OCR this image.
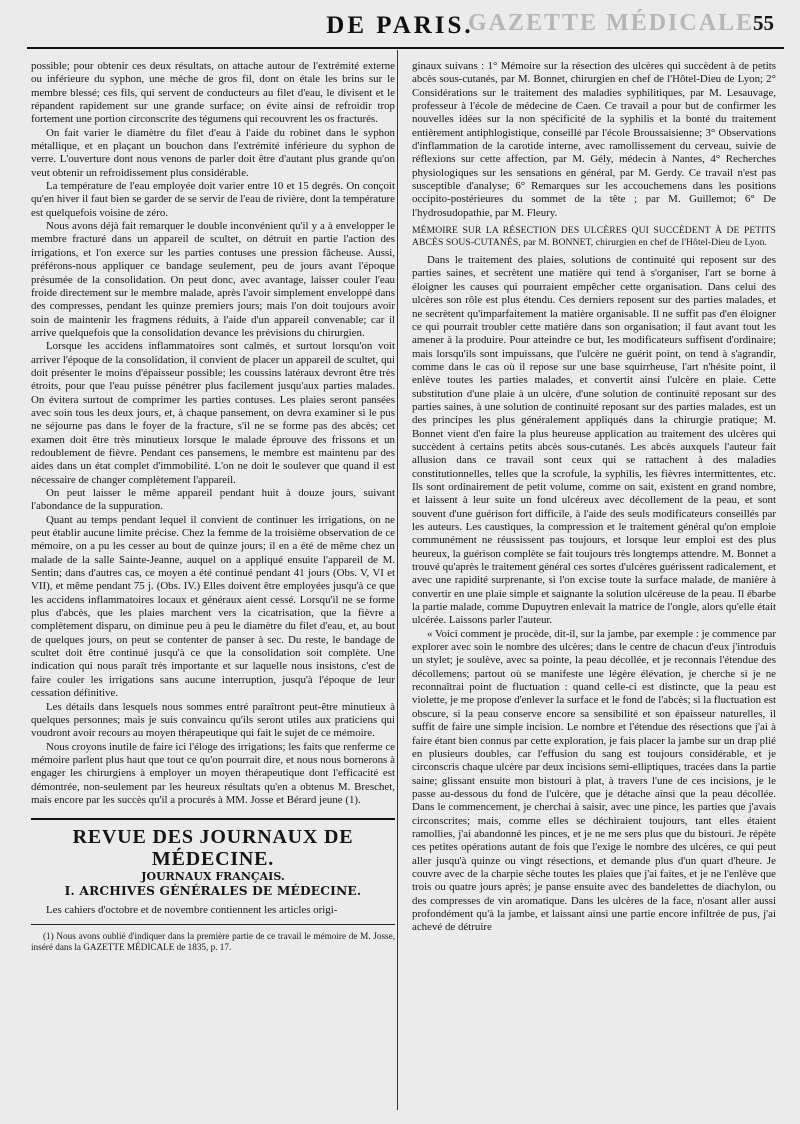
GAZETTE MÉDICALE
DE PARIS.	55

possible; pour obtenir ces deux résultats, on attache autour de l'extrémité externe ou inférieure du syphon, une mèche de gros fil, dont on étale les brins sur le membre blessé; ces fils, qui servent de conducteurs au filet d'eau, le divisent et le répandent rapidement sur une grande surface; on évite ainsi de refroidir trop fortement une portion circonscrite des tégumens qui recouvrent les os fracturés.

On fait varier le diamètre du filet d'eau à l'aide du robinet dans le syphon métallique, et en plaçant un bouchon dans l'extrémité inférieure du syphon de verre. L'ouverture dont nous venons de parler doit être d'autant plus grande qu'on veut obtenir un refroidissement plus considérable.

La température de l'eau employée doit varier entre 10 et 15 degrés. On conçoit qu'en hiver il faut bien se garder de se servir de l'eau de rivière, dont la température est quelquefois voisine de zéro.

Nous avons déjà fait remarquer le double inconvénient qu'il y a à envelopper le membre fracturé dans un appareil de scultet, on détruit en partie l'action des irrigations, et l'on exerce sur les parties contuses une pression fâcheuse. Aussi, préférons-nous appliquer ce bandage seulement, peu de jours avant l'époque présumée de la consolidation. On peut donc, avec avantage, laisser couler l'eau froide directement sur le membre malade, après l'avoir simplement enveloppé dans des compresses, pendant les quinze premiers jours; mais l'on doit toujours avoir soin de maintenir les fragmens réduits, à l'aide d'un appareil convenable; car il arrive quelquefois que la consolidation devance les prévisions du chirurgien.

Lorsque les accidens inflammatoires sont calmés, et surtout lorsqu'on voit arriver l'époque de la consolidation, il convient de placer un appareil de scultet, qui doit présenter le moins d'épaisseur possible; les coussins latéraux devront être très étroits, pour que l'eau puisse pénétrer plus facilement jusqu'aux parties malades. On évitera surtout de comprimer les parties contuses. Les plaies seront pansées avec soin tous les deux jours, et, à chaque pansement, on devra examiner si le pus ne séjourne pas dans le foyer de la fracture, s'il ne se forme pas des abcès; cet examen doit être très minutieux lorsque le malade éprouve des frissons et un redoublement de fièvre. Pendant ces pansemens, le membre est maintenu par des aides dans un état complet d'immobilité. L'on ne doit le soulever que quand il est nécessaire de changer complètement l'appareil.

On peut laisser le même appareil pendant huit à douze jours, suivant l'abondance de la suppuration.

Quant au temps pendant lequel il convient de continuer les irrigations, on ne peut établir aucune limite précise. Chez la femme de la troisième observation de ce mémoire, on a pu les cesser au bout de quinze jours; il en a été de même chez un malade de la salle Sainte-Jeanne, auquel on a appliqué ensuite l'appareil de M. Sentin; dans d'autres cas, ce moyen a été continué pendant 41 jours (Obs. V, VI et VII), et même pendant 75 j. (Obs. IV.) Elles doivent être employées jusqu'à ce que les accidens inflammatoires locaux et généraux aient cessé. Lorsqu'il ne se forme plus d'abcès, que les plaies marchent vers la cicatrisation, que la fièvre a complètement disparu, on diminue peu à peu le diamètre du filet d'eau, et, au bout de quelques jours, on peut se contenter de panser à sec. Du reste, le bandage de scultet doit être continué jusqu'à ce que la consolidation soit complète. Une indication qui nous paraît très importante et sur laquelle nous insistons, c'est de faire couler les irrigations sans aucune interruption, jusqu'à l'époque de leur cessation définitive.

Les détails dans lesquels nous sommes entré paraîtront peut-être minutieux à quelques personnes; mais je suis convaincu qu'ils seront utiles aux praticiens qui voudront avoir recours au moyen thérapeutique qui fait le sujet de ce mémoire.

Nous croyons inutile de faire ici l'éloge des irrigations; les faits que renferme ce mémoire parlent plus haut que tout ce qu'on pourrait dire, et nous nous bornerons à engager les chirurgiens à employer un moyen thérapeutique dont l'efficacité est démontrée, non-seulement par les heureux résultats qu'en a obtenus M. Breschet, mais encore par les succès qu'il a procurés à MM. Josse et Bérard jeune (1).

REVUE DES JOURNAUX DE MÉDECINE.
JOURNAUX FRANÇAIS.
I. ARCHIVES GÉNÉRALES DE MÉDECINE.

Les cahiers d'octobre et de novembre contiennent les articles origi-

(1) Nous avons oublié d'indiquer dans la première partie de ce travail le mémoire de M. Josse, inséré dans la GAZETTE MÉDICALE de 1835, p. 17.

ginaux suivans : 1° Mémoire sur la résection des ulcères qui succèdent à de petits abcès sous-cutanés, par M. Bonnet, chirurgien en chef de l'Hôtel-Dieu de Lyon; 2° Considérations sur le traitement des maladies syphilitiques, par M. Lesauvage, professeur à l'école de médecine de Caen. Ce travail a pour but de confirmer les nouvelles idées sur la non spécificité de la syphilis et la bonté du traitement entièrement antiphlogistique, conseillé par l'école Broussaisienne; 3° Observations d'inflammation de la carotide interne, avec ramollissement du cerveau, suivie de réflexions sur cette affection, par M. Gély, médecin à Nantes, 4° Recherches physiologiques sur les sensations en général, par M. Gerdy. Ce travail n'est pas susceptible d'analyse; 6° Remarques sur les accouchemens dans les positions occipito-postérieures du sommet de la tête ; par M. Guillemot; 6° De l'hydrosudopathie, par M. Fleury.

MÉMOIRE SUR LA RÉSECTION DES ULCÈRES QUI SUCCÈDENT À DE PETITS ABCÈS SOUS-CUTANÉS, par M. BONNET, chirurgien en chef de l'Hôtel-Dieu de Lyon.

Dans le traitement des plaies, solutions de continuité qui reposent sur des parties saines, et secrètent une matière qui tend à s'organiser, l'art se borne à éloigner les causes qui pourraient empêcher cette organisation. Dans celui des ulcères son rôle est plus étendu. Ces derniers reposent sur des parties malades, et ne secrètent qu'imparfaitement la matière organisable. Il ne suffit pas d'en éloigner ce qui pourrait troubler cette matière dans son organisation; il faut avant tout les amener à la produire. Pour atteindre ce but, les modificateurs suffisent d'ordinaire; mais lorsqu'ils sont impuissans, que l'ulcère ne guérit point, on tend à s'agrandir, comme dans le cas où il repose sur une base squirrheuse, l'art n'hésite point, il enlève toutes les parties malades, et convertit ainsi l'ulcère en plaie. Cette substitution d'une plaie à un ulcère, d'une solution de continuité reposant sur des parties saines, à une solution de continuité reposant sur des parties malades, est un des principes les plus généralement appliqués dans la chirurgie pratique; M. Bonnet vient d'en faire la plus heureuse application au traitement des ulcères qui succèdent à certains petits abcès sous-cutanés. Les abcès auxquels l'auteur fait allusion dans ce travail sont ceux qui se rattachent à des maladies constitutionnelles, telles que la scrofule, la syphilis, les fièvres intermittentes, etc. Ils sont ordinairement de petit volume, comme on sait, existent en grand nombre, et laissent à leur suite un fond ulcéreux avec décollement de la peau, et sont souvent d'une guérison fort difficile, à l'aide des seuls modificateurs conseillés par les auteurs. Les caustiques, la compression et le traitement général qu'on emploie communément ne réussissent pas toujours, et lorsque leur emploi est des plus heureux, la guérison complète se fait toujours très longtemps attendre. M. Bonnet a trouvé qu'après le traitement général ces sortes d'ulcères guérissent radicalement, et avec une rapidité surprenante, si l'on excise toute la surface malade, de manière à convertir en une plaie simple et saignante la solution ulcéreuse de la peau. Il ébarbe la partie malade, comme Dupuytren enlevait la matrice de l'ongle, alors qu'elle était ulcérée. Laissons parler l'auteur.

« Voici comment je procède, dit-il, sur la jambe, par exemple : je commence par explorer avec soin le nombre des ulcères; dans le centre de chacun d'eux j'introduis un stylet; je soulève, avec sa pointe, la peau décollée, et je reconnais l'étendue des décollemens; partout où se manifeste une légère élévation, je cherche si je ne reconnaîtrai point de fluctuation : quand celle-ci est distincte, que la peau est violette, je me propose d'enlever la surface et le fond de l'abcès; si la fluctuation est obscure, si la peau conserve encore sa sensibilité et son épaisseur naturelles, il suffit de faire une simple incision. Le nombre et l'étendue des résections que j'ai à faire étant bien connus par cette exploration, je fais placer la jambe sur un drap plié en plusieurs doubles, car l'effusion du sang est toujours considérable, et je circonscris chaque ulcère par deux incisions semi-elliptiques, tracées dans la partie saine; glissant ensuite mon bistouri à plat, à travers l'une de ces incisions, je le passe au-dessous du fond de l'ulcère, que je détache ainsi que la peau décollée. Dans le commencement, je cherchai à saisir, avec une pince, les parties que j'avais circonscrites; mais, comme elles se déchiraient toujours, tant elles étaient ramollies, j'ai abandonné les pinces, et je ne me sers plus que du bistouri. Je répète ces petites opérations autant de fois que l'exige le nombre des ulcères, ce qui peut aller jusqu'à quinze ou vingt résections, et demande plus d'un quart d'heure. Je couvre avec de la charpie sèche toutes les plaies que j'ai faites, et je ne l'enlève que trois ou quatre jours après; je panse ensuite avec des bandelettes de diachylon, ou des compresses de vin aromatique. Dans les ulcères de la face, n'osant aller aussi profondément qu'à la jambe, et laissant ainsi une partie encore infiltrée de pus, j'ai achevé de détruire
